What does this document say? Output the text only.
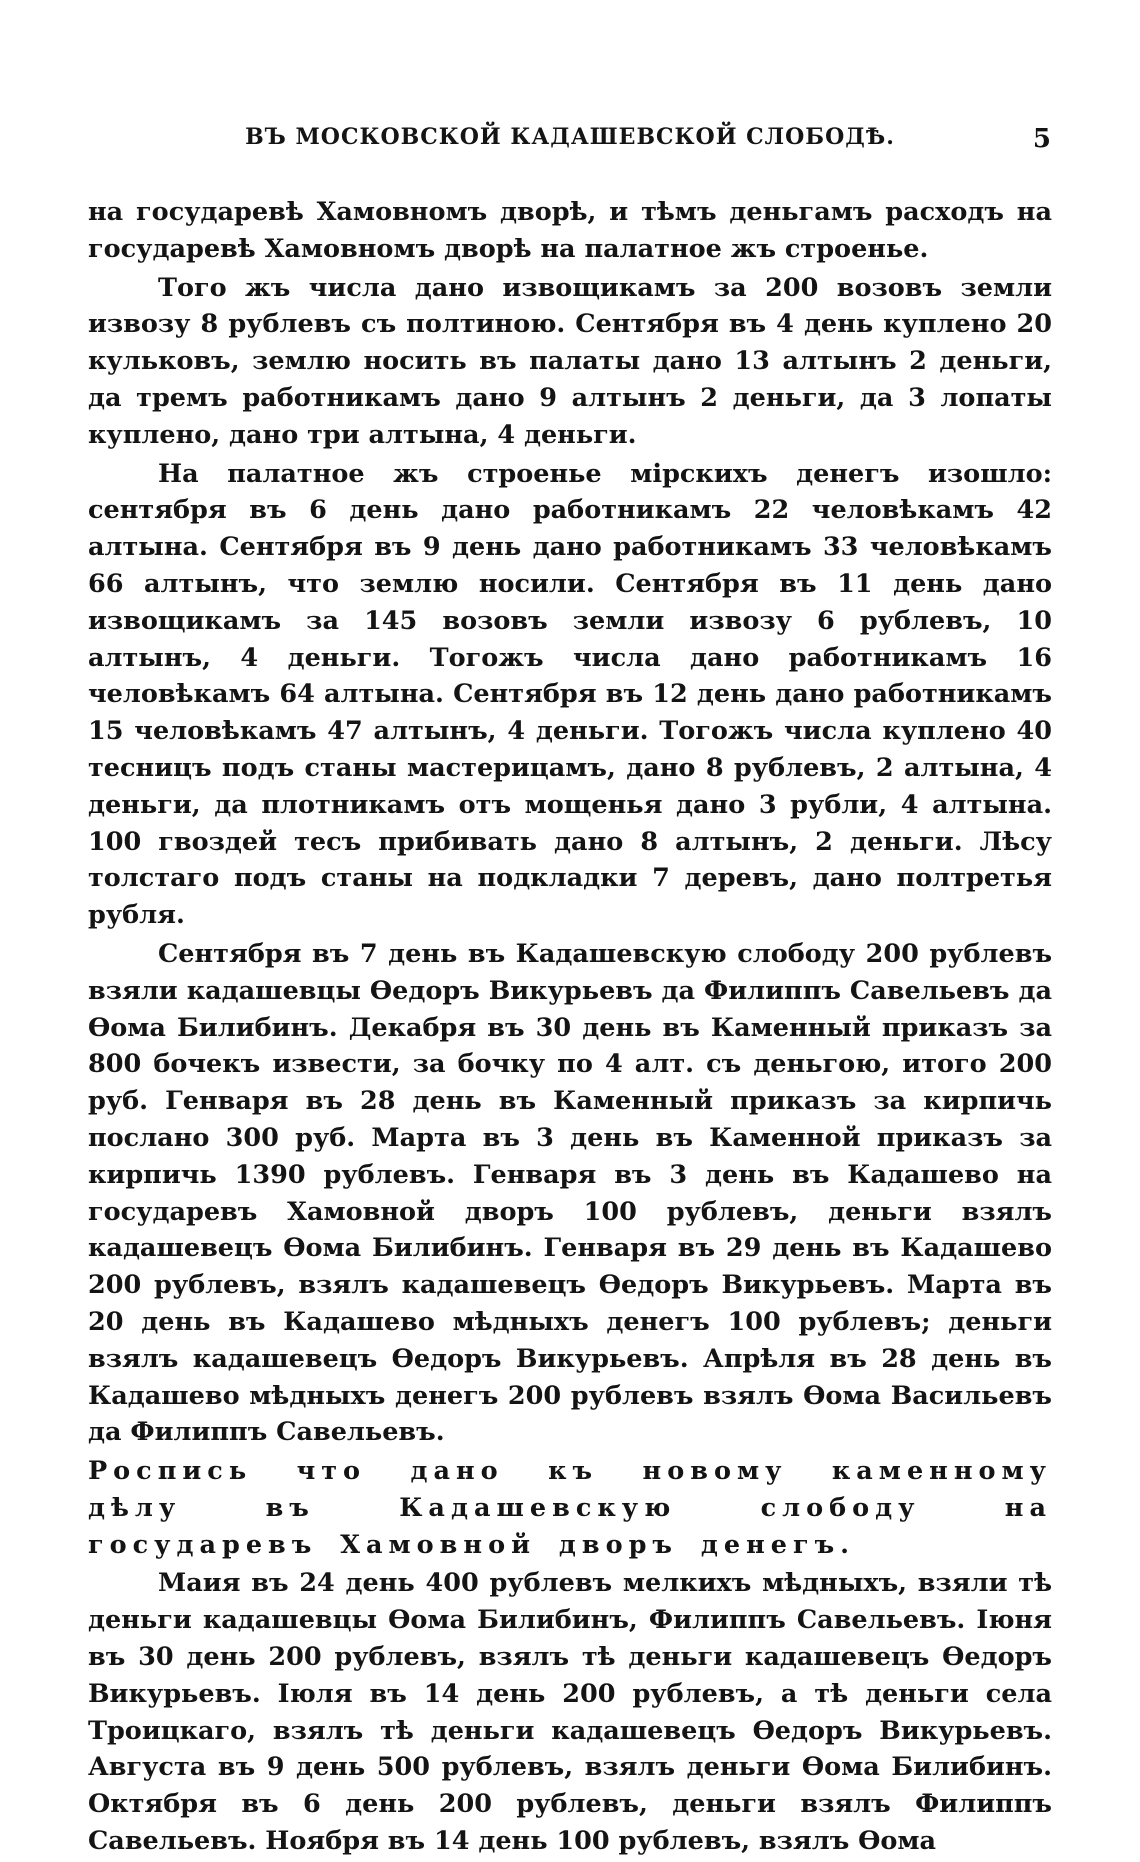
ВЪ МОСКОВСКОЙ КАДАШЕВСКОЙ СЛОБОДѢ.	5

на государевѣ Хамовномъ дворѣ, и тѣмъ деньгамъ расходъ на государевѣ Хамовномъ дворѣ на палатное жъ строенье.

Того жъ числа дано извощикамъ за 200 возовъ земли извозу 8 рублевъ съ полтиною. Сентября въ 4 день куплено 20 кульковъ, землю носить въ палаты дано 13 алтынъ 2 деньги, да тремъ работникамъ дано 9 алтынъ 2 деньги, да 3 лопаты куплено, дано три алтына, 4 деньги.

На палатное жъ строенье мірскихъ денегъ изошло: сентября въ 6 день дано работникамъ 22 человѣкамъ 42 алтына. Сентября въ 9 день дано работникамъ 33 человѣкамъ 66 алтынъ, что землю носили. Сентября въ 11 день дано извощикамъ за 145 возовъ земли извозу 6 рублевъ, 10 алтынъ, 4 деньги. Тогожъ числа дано работникамъ 16 человѣкамъ 64 алтына. Сентября въ 12 день дано работникамъ 15 человѣкамъ 47 алтынъ, 4 деньги. Тогожъ числа куплено 40 тесницъ подъ станы мастерицамъ, дано 8 рублевъ, 2 алтына, 4 деньги, да плотникамъ отъ мощенья дано 3 рубли, 4 алтына. 100 гвоздей тесъ прибивать дано 8 алтынъ, 2 деньги. Лѣсу толстаго подъ станы на подкладки 7 деревъ, дано полтретья рубля.

Сентября въ 7 день въ Кадашевскую слободу 200 рублевъ взяли кадашевцы Ѳедоръ Викурьевъ да Филиппъ Савельевъ да Ѳома Билибинъ. Декабря въ 30 день въ Каменный приказъ за 800 бочекъ извести, за бочку по 4 алт. съ деньгою, итого 200 руб. Генваря въ 28 день въ Каменный приказъ за кирпичь послано 300 руб. Марта въ 3 день въ Каменной приказъ за кирпичь 1390 рублевъ. Генваря въ 3 день въ Кадашево на государевъ Хамовной дворъ 100 рублевъ, деньги взялъ кадашевецъ Ѳома Билибинъ. Генваря въ 29 день въ Кадашево 200 рублевъ, взялъ кадашевецъ Ѳедоръ Викурьевъ. Марта въ 20 день въ Кадашево мѣдныхъ денегъ 100 рублевъ; деньги взялъ кадашевецъ Ѳедоръ Викурьевъ. Апрѣля въ 28 день въ Кадашево мѣдныхъ денегъ 200 рублевъ взялъ Ѳома Васильевъ да Филиппъ Савельевъ.

Роспись что дано къ новому каменному дѣлу въ Кадашевскую слободу на государевъ Хамовной дворъ денегъ.

Маия въ 24 день 400 рублевъ мелкихъ мѣдныхъ, взяли тѣ деньги кадашевцы Ѳома Билибинъ, Филиппъ Савельевъ. Іюня въ 30 день 200 рублевъ, взялъ тѣ деньги кадашевецъ Ѳедоръ Викурьевъ. Іюля въ 14 день 200 рублевъ, а тѣ деньги села Троицкаго, взялъ тѣ деньги кадашевецъ Ѳедоръ Викурьевъ. Августа въ 9 день 500 рублевъ, взялъ деньги Ѳома Билибинъ. Октября въ 6 день 200 рублевъ, деньги взялъ Филиппъ Савельевъ. Ноября въ 14 день 100 рублевъ, взялъ Ѳома
